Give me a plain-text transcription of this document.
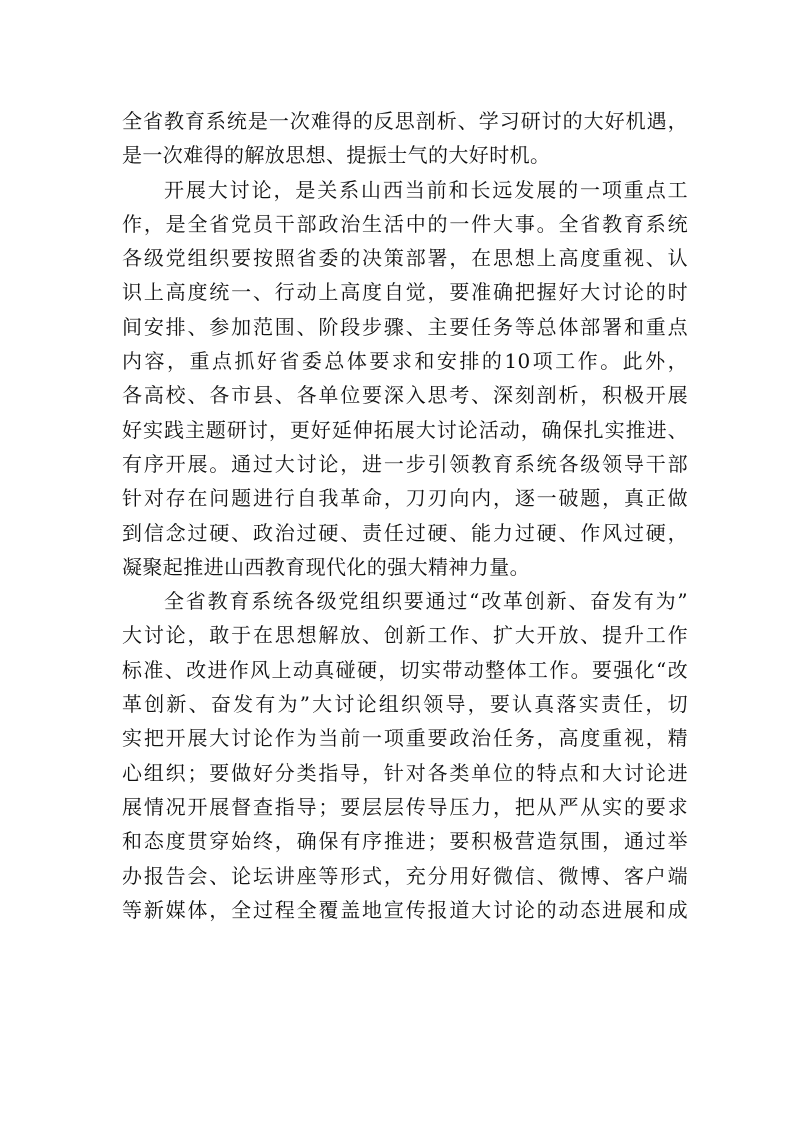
全省教育系统是一次难得的反思剖析、学习研讨的大好机遇，
是一次难得的解放思想、提振士气的大好时机。
开展大讨论，是关系山西当前和长远发展的一项重点工
作，是全省党员干部政治生活中的一件大事。全省教育系统
各级党组织要按照省委的决策部署，在思想上高度重视、认
识上高度统一、行动上高度自觉，要准确把握好大讨论的时
间安排、参加范围、阶段步骤、主要任务等总体部署和重点
内容，重点抓好省委总体要求和安排的10项工作。此外，
各高校、各市县、各单位要深入思考、深刻剖析，积极开展
好实践主题研讨，更好延伸拓展大讨论活动，确保扎实推进、
有序开展。通过大讨论，进一步引领教育系统各级领导干部
针对存在问题进行自我革命，刀刃向内，逐一破题，真正做
到信念过硬、政治过硬、责任过硬、能力过硬、作风过硬，
凝聚起推进山西教育现代化的强大精神力量。
全省教育系统各级党组织要通过“改革创新、奋发有为”
大讨论，敢于在思想解放、创新工作、扩大开放、提升工作
标准、改进作风上动真碰硬，切实带动整体工作。要强化“改
革创新、奋发有为”大讨论组织领导，要认真落实责任，切
实把开展大讨论作为当前一项重要政治任务，高度重视，精
心组织；要做好分类指导，针对各类单位的特点和大讨论进
展情况开展督查指导；要层层传导压力，把从严从实的要求
和态度贯穿始终，确保有序推进；要积极营造氛围，通过举
办报告会、论坛讲座等形式，充分用好微信、微博、客户端
等新媒体，全过程全覆盖地宣传报道大讨论的动态进展和成
